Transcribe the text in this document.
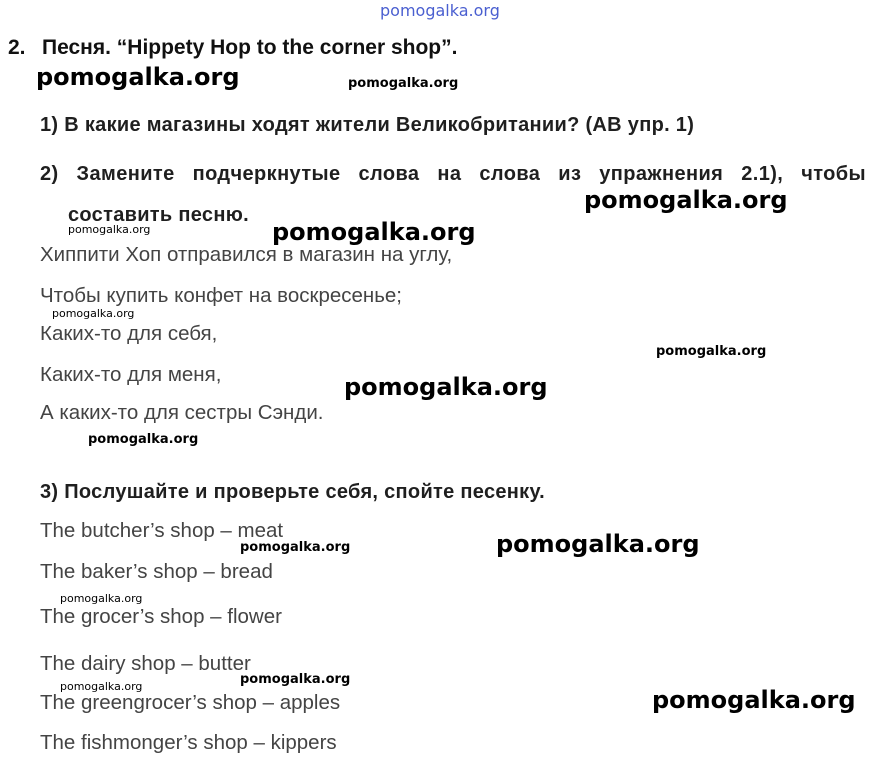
pomogalka.org
2. Песня. “Hippety Hop to the corner shop”.
pomogalka.org	pomogalka.org
1) В какие магазины ходят жители Великобритании? (AB упр. 1)
2) Замените подчеркнутые слова на слова из упражнения 2.1), чтобы
составить песню.
pomogalka.org
pomogalka.org	pomogalka.org
Хиппити Хоп отправился в магазин на углу,
Чтобы купить конфет на воскресенье;
pomogalka.org
Каких-то для себя,
pomogalka.org
Каких-то для меня,	pomogalka.org
А каких-то для сестры Сэнди.
pomogalka.org
3) Послушайте и проверьте себя, спойте песенку.
The butcher’s shop – meat
pomogalka.org	pomogalka.org
The baker’s shop – bread
pomogalka.org
The grocer’s shop – flower
The dairy shop – butter
pomogalka.org
pomogalka.org
The greengrocer’s shop – apples	pomogalka.org
The fishmonger’s shop – kippers
